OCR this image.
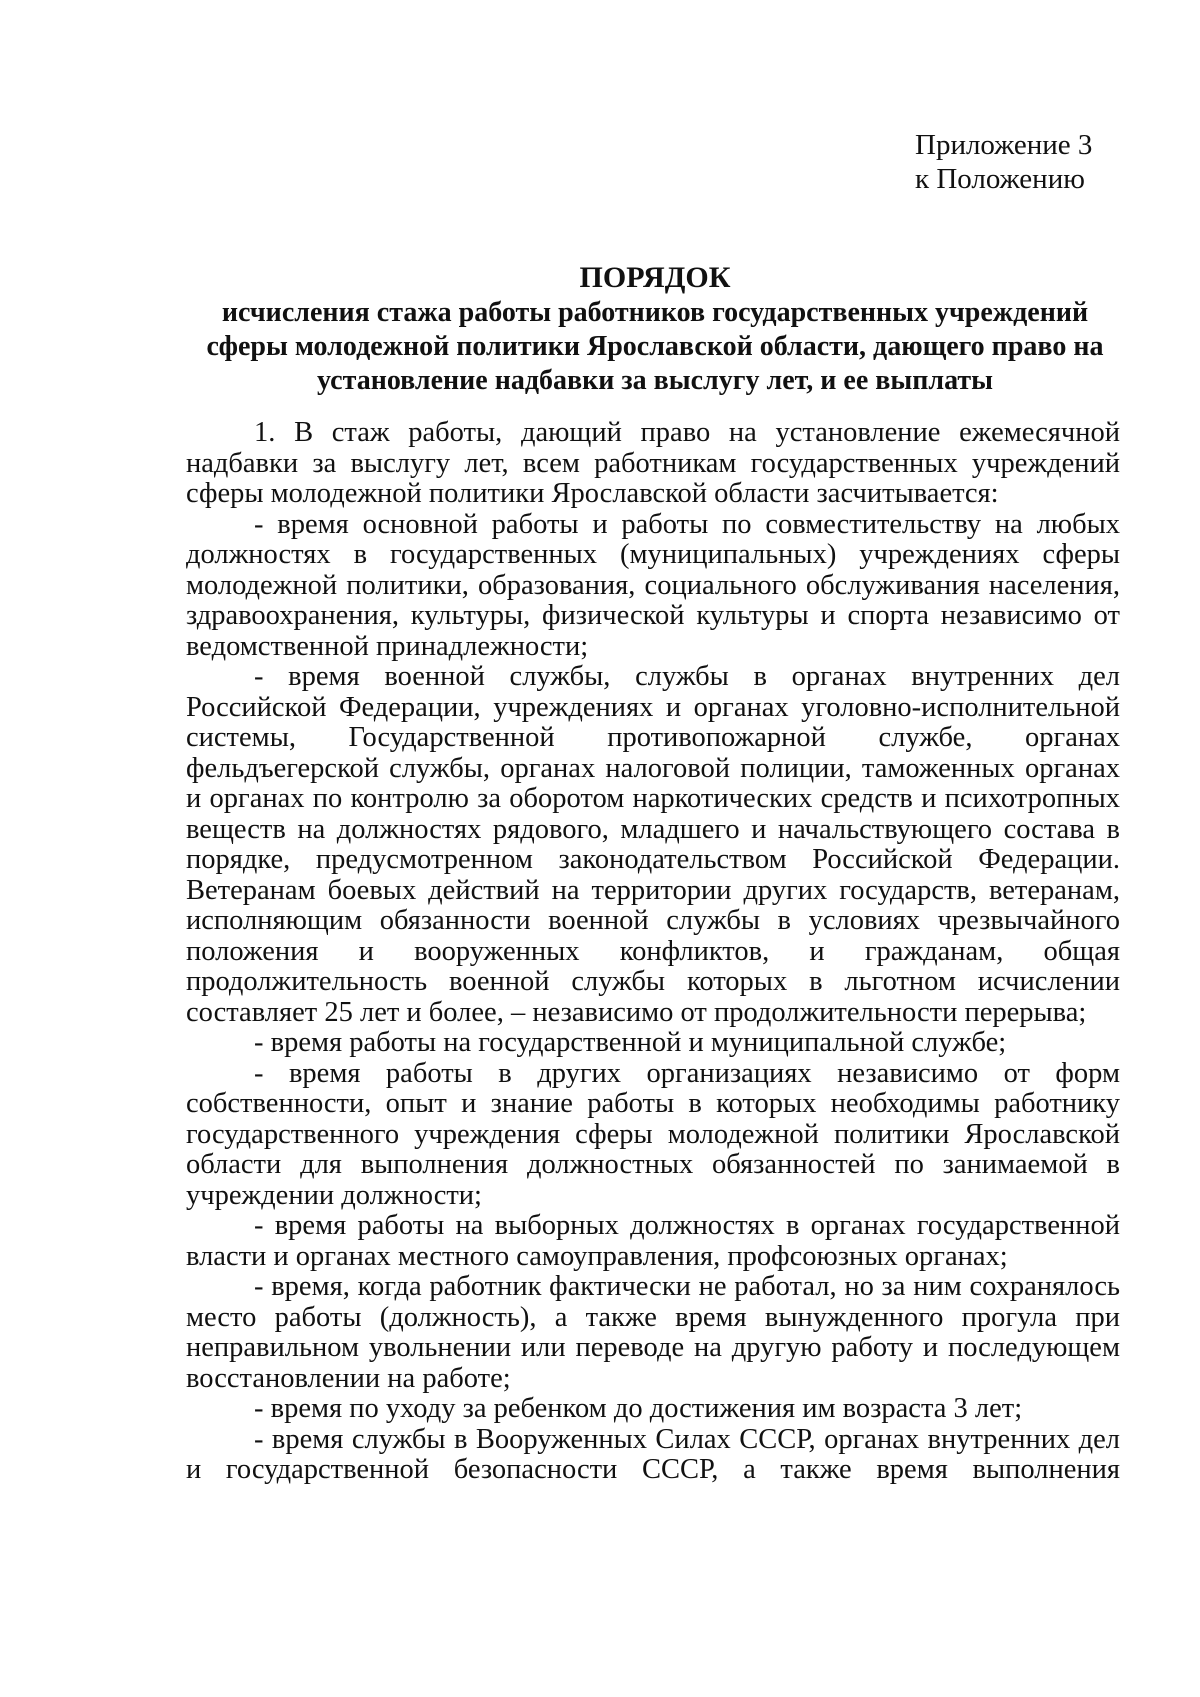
Приложение 3
к Положению
ПОРЯДОК
исчисления стажа работы работников государственных учреждений сферы молодежной политики Ярославской области, дающего право на установление надбавки за выслугу лет, и ее выплаты

1. В стаж работы, дающий право на установление ежемесячной надбавки за выслугу лет, всем работникам государственных учреждений сферы молодежной политики Ярославской области засчитывается:

- время основной работы и работы по совместительству на любых должностях в государственных (муниципальных) учреждениях сферы молодежной политики, образования, социального обслуживания населения, здравоохранения, культуры, физической культуры и спорта независимо от ведомственной принадлежности;

- время военной службы, службы в органах внутренних дел Российской Федерации, учреждениях и органах уголовно-исполнительной системы, Государственной противопожарной службе, органах фельдъегерской службы, органах налоговой полиции, таможенных органах и органах по контролю за оборотом наркотических средств и психотропных веществ на должностях рядового, младшего и начальствующего состава в порядке, предусмотренном законодательством Российской Федерации. Ветеранам боевых действий на территории других государств, ветеранам, исполняющим обязанности военной службы в условиях чрезвычайного положения и вооруженных конфликтов, и гражданам, общая продолжительность военной службы которых в льготном исчислении составляет 25 лет и более, – независимо от продолжительности перерыва;

- время работы на государственной и муниципальной службе;

- время работы в других организациях независимо от форм собственности, опыт и знание работы в которых необходимы работнику государственного учреждения сферы молодежной политики Ярославской области для выполнения должностных обязанностей по занимаемой в учреждении должности;

- время работы на выборных должностях в органах государственной власти и органах местного самоуправления, профсоюзных органах;

- время, когда работник фактически не работал, но за ним сохранялось место работы (должность), а также время вынужденного прогула при неправильном увольнении или переводе на другую работу и последующем восстановлении на работе;

- время по уходу за ребенком до достижения им возраста 3 лет;

- время службы в Вооруженных Силах СССР, органах внутренних дел и государственной безопасности СССР, а также время выполнения
